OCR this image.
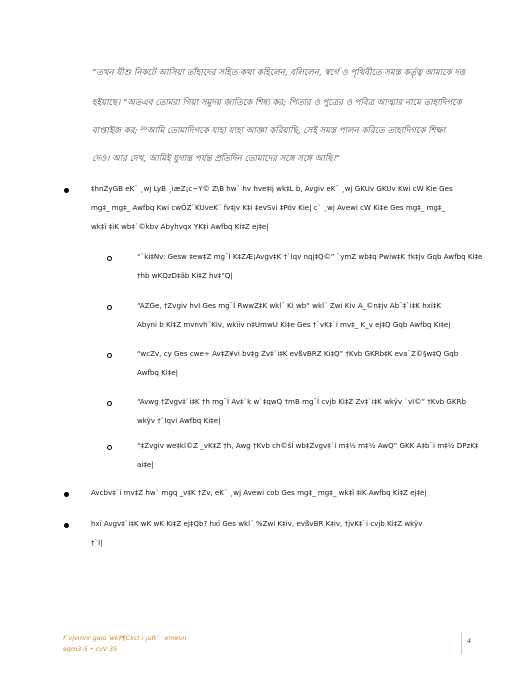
“তখন যীশু নিকটে আসিয়া তাঁহাদের সহিত কথা কহিলেন, বলিলেন, স্বর্গে ও পৃথিবীতে সমস্ত কর্তৃত্ব আমাকে দত্ত
হইয়াছে। “অতএব তোমরা গিয়া সমুদয় জাতিকে শিষ্য কর; পিতার ও পুত্রের ও পবিত্র আত্মার নামে তাহাদিগকে
বাপ্তাইজ কর; ²⁰আমি তোমাদিগকে যাহা যাহা আজ্ঞা করিয়াছি, সেই সমস্ত পালন করিতে তাহাদিগকে শিক্ষা
দেও। আর দেখ, আমিই যুগান্ত পর্যন্ত প্রতিদিন তোমাদের সঙ্গে সঙ্গে আছি।”
‡hnZyGB eK¨ ¸wj LyB ¸iæZ¡c~Y© Z\B hw` hv hve‡ij wk‡L b, Avgiv eK¨ ¸wj GKUv GKUv Kwi cW Kie Ges
mg‡_ mg‡_ Awfbq Kwi cwÖZ¨KUveK¨ fv‡jv K‡i ‡evSvi ‡Póv Kie| c` ¸wj Avewi cW Ki‡e Ges mg‡_ mg‡_
wk‡ï ‡iK wb‡`©kbv Abyhvqx YK‡i Awfbq Ki‡Z ej‡e|
“`ki‡Nv: Gesw ‡ew‡Z mg¯Í K‡ZÆ¡Avgv‡K †`lqv nqj‡Q©” `ymZ wb‡q Pwiw‡K †k‡jv Gqb Awfbq Ki‡e
†hb wKQzD‡ãb Ki‡Z hv‡”Q|
“AZGe, †Zvgiv hvI Ges mg¯Í RwwZ‡K wkl¨ Ki wb“ wkl¨ Zwi Kiv A_©n‡jv Ab¨‡`i‡K hxï‡K
Abyni b Ki‡Z mvnvh¨Kiv, wkïiv n‡UmwU Ki‡e Ges †`vK‡`i mv‡_ K_v ej‡Q Gqb Awfbq Ki‡e|
“wcZv, cy Ges cwe÷ Av‡Z¥vi bv‡g Zv‡`i‡K evßvBRZ Ki‡Q” †Kvb GKRb‡K eva¨Z©§w‡Q Gqb
Awfbq Ki‡e|
“Avwg †Zvgv‡`i‡K †h mg¯Í Av‡`k w`‡qwQ †mB mg¯Í cvjb Ki‡Z Zv‡`i‡K wkÿv `vI©” †Kvb GKRb
wkÿv †`Iqvi Awfbq Ki‡e|
“‡Zvgiv we‡kl©Z _vK‡Z †h, Awg †Kvb ch©šÍ wb‡Zvgv‡`i m‡½ m‡½ AwQ” GKK A‡b¨i m‡½ DPzK‡
ai‡e|
Avcbv‡`i mv‡Z hw` mgq _v‡K †Zv, eK¨ ¸wj Avewi cob Ges mg‡_ mg‡_ wk‡ï ‡iK Awfbq Ki‡Z ej‡e|
hxï Avgv‡`i‡K wK wK Ki‡Z ej‡Qb? hxï Ges wkl¨ %Zwi K‡iv, evßvBR K‡iv, †jvK‡`i cvjb Ki‡Z wkÿv
†`I|
f¨vjvmnr gaio¨wk‡¶Ckcl i ¡uR¨ `emevn
eqm3-5 • cvV 35
4
